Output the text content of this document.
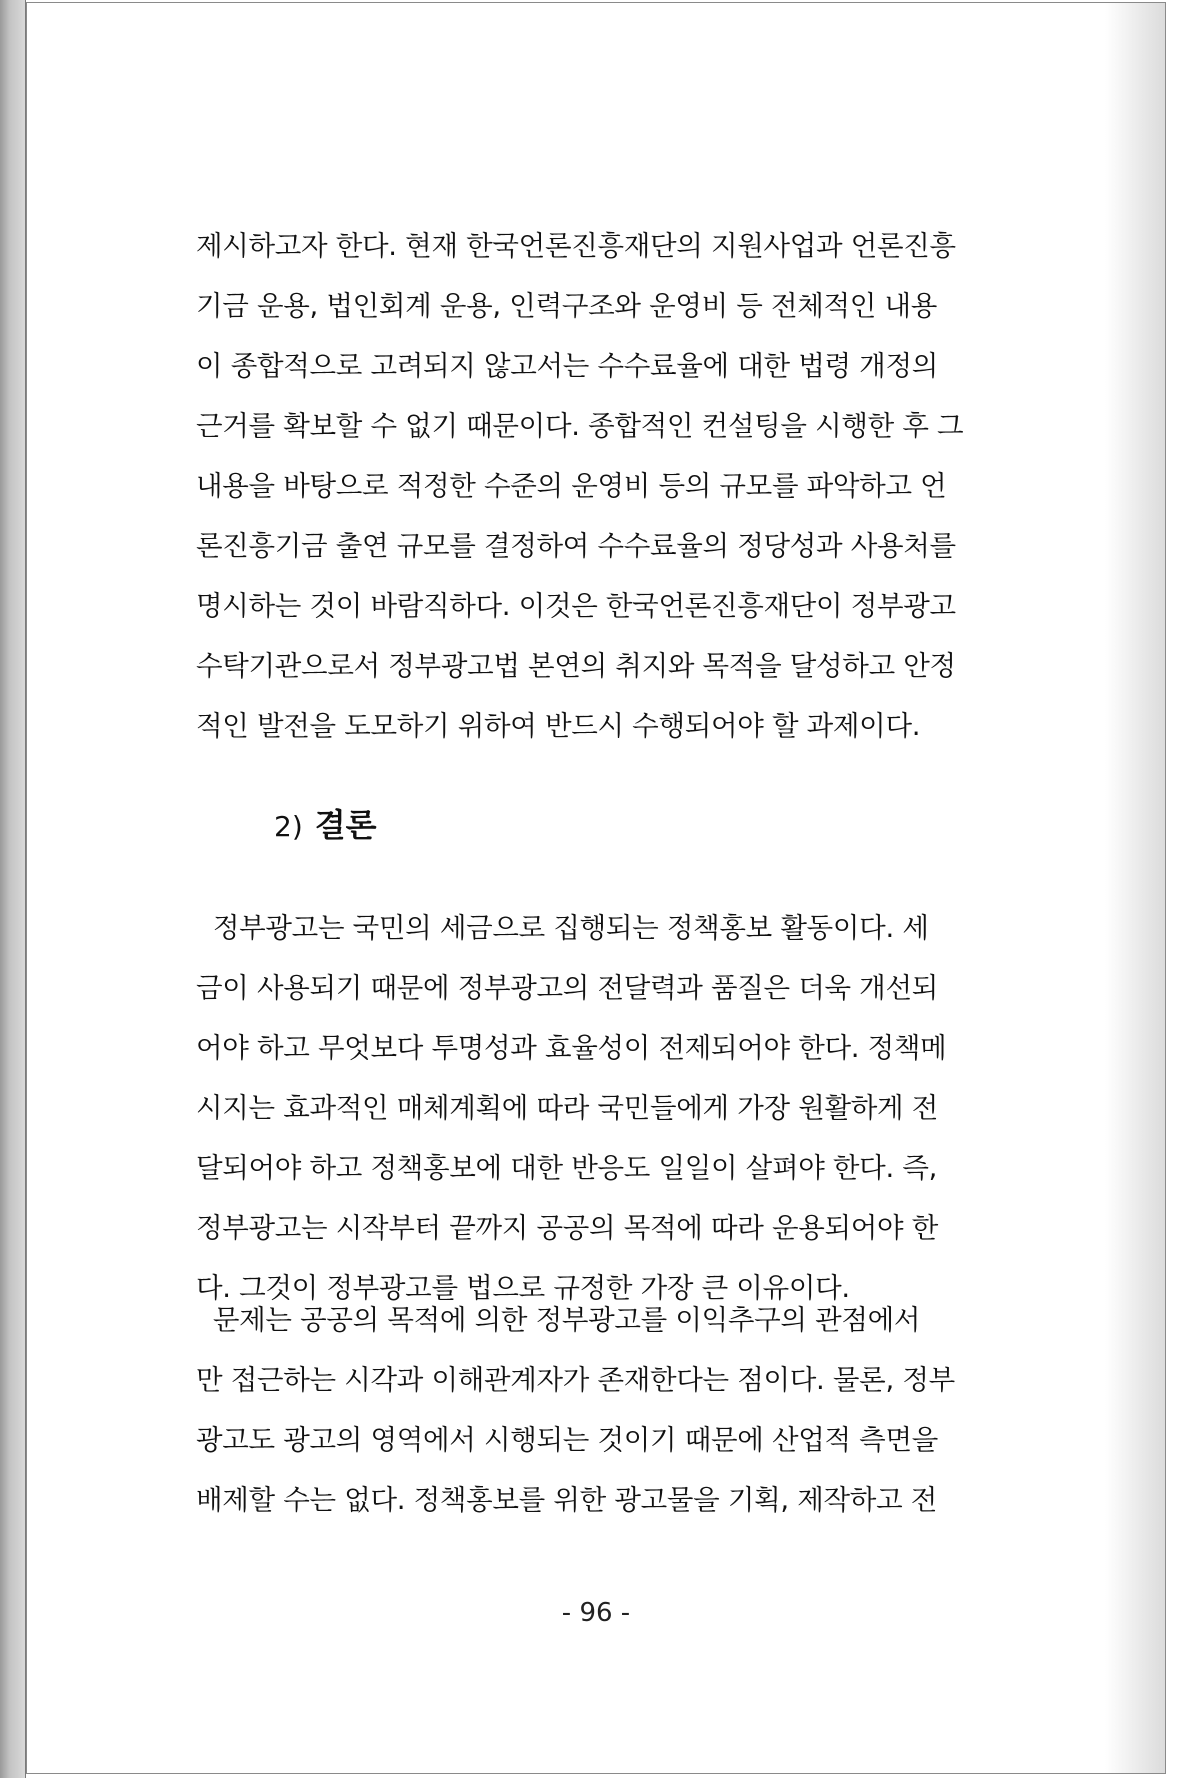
제시하고자 한다. 현재 한국언론진흥재단의 지원사업과 언론진흥
기금 운용, 법인회계 운용, 인력구조와 운영비 등 전체적인 내용
이 종합적으로 고려되지 않고서는 수수료율에 대한 법령 개정의
근거를 확보할 수 없기 때문이다. 종합적인 컨설팅을 시행한 후 그
내용을 바탕으로 적정한 수준의 운영비 등의 규모를 파악하고 언
론진흥기금 출연 규모를 결정하여 수수료율의 정당성과 사용처를
명시하는 것이 바람직하다. 이것은 한국언론진흥재단이 정부광고
수탁기관으로서 정부광고법 본연의 취지와 목적을 달성하고 안정
적인 발전을 도모하기 위하여 반드시 수행되어야 할 과제이다.
2) 결론
정부광고는 국민의 세금으로 집행되는 정책홍보 활동이다. 세
금이 사용되기 때문에 정부광고의 전달력과 품질은 더욱 개선되
어야 하고 무엇보다 투명성과 효율성이 전제되어야 한다. 정책메
시지는 효과적인 매체계획에 따라 국민들에게 가장 원활하게 전
달되어야 하고 정책홍보에 대한 반응도 일일이 살펴야 한다. 즉,
정부광고는 시작부터 끝까지 공공의 목적에 따라 운용되어야 한
다. 그것이 정부광고를 법으로 규정한 가장 큰 이유이다.
문제는 공공의 목적에 의한 정부광고를 이익추구의 관점에서
만 접근하는 시각과 이해관계자가 존재한다는 점이다. 물론, 정부
광고도 광고의 영역에서 시행되는 것이기 때문에 산업적 측면을
배제할 수는 없다. 정책홍보를 위한 광고물을 기획, 제작하고 전
- 96 -
